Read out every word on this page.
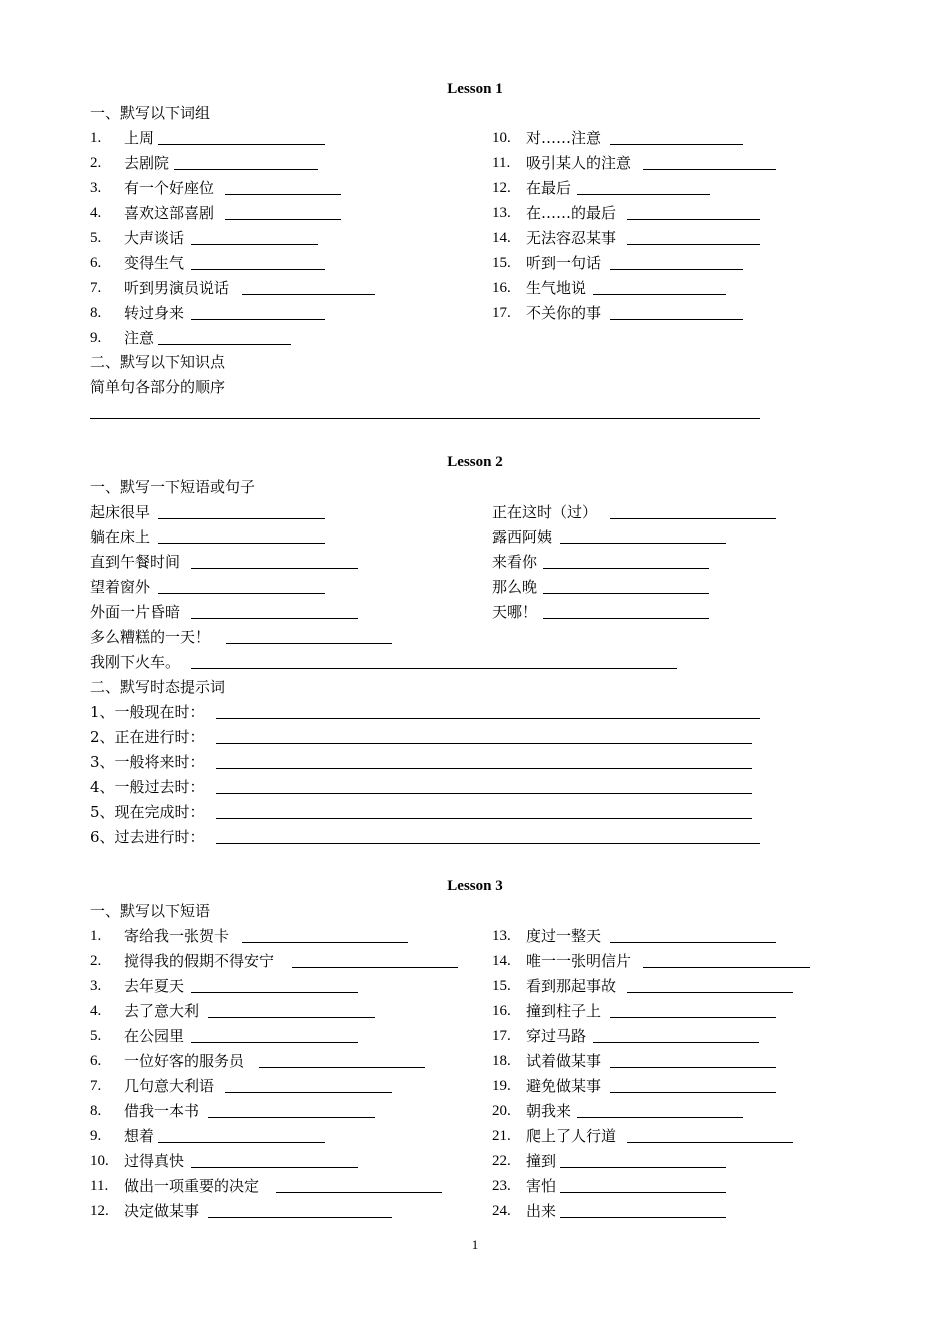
Lesson 1
一、默写以下词组
1. 上周
2. 去剧院
3. 有一个好座位
4. 喜欢这部喜剧
5. 大声谈话
6. 变得生气
7. 听到男演员说话
8. 转过身来
9. 注意
10. 对……注意
11. 吸引某人的注意
12. 在最后
13. 在……的最后
14. 无法容忍某事
15. 听到一句话
16. 生气地说
17. 不关你的事
二、默写以下知识点
简单句各部分的顺序
Lesson 2
一、默写一下短语或句子
起床很早
躺在床上
直到午餐时间
望着窗外
外面一片昏暗
正在这时（过）
露西阿姨
来看你
那么晚
天哪！
多么糟糕的一天！
我刚下火车。
二、默写时态提示词
1、一般现在时：
2、正在进行时：
3、一般将来时：
4、一般过去时：
5、现在完成时：
6、过去进行时：
Lesson 3
一、默写以下短语
1. 寄给我一张贺卡
2. 搅得我的假期不得安宁
3. 去年夏天
4. 去了意大利
5. 在公园里
6. 一位好客的服务员
7. 几句意大利语
8. 借我一本书
9. 想着
10. 过得真快
11. 做出一项重要的决定
12. 决定做某事
13. 度过一整天
14. 唯一一张明信片
15. 看到那起事故
16. 撞到柱子上
17. 穿过马路
18. 试着做某事
19. 避免做某事
20. 朝我来
21. 爬上了人行道
22. 撞到
23. 害怕
24. 出来
1
